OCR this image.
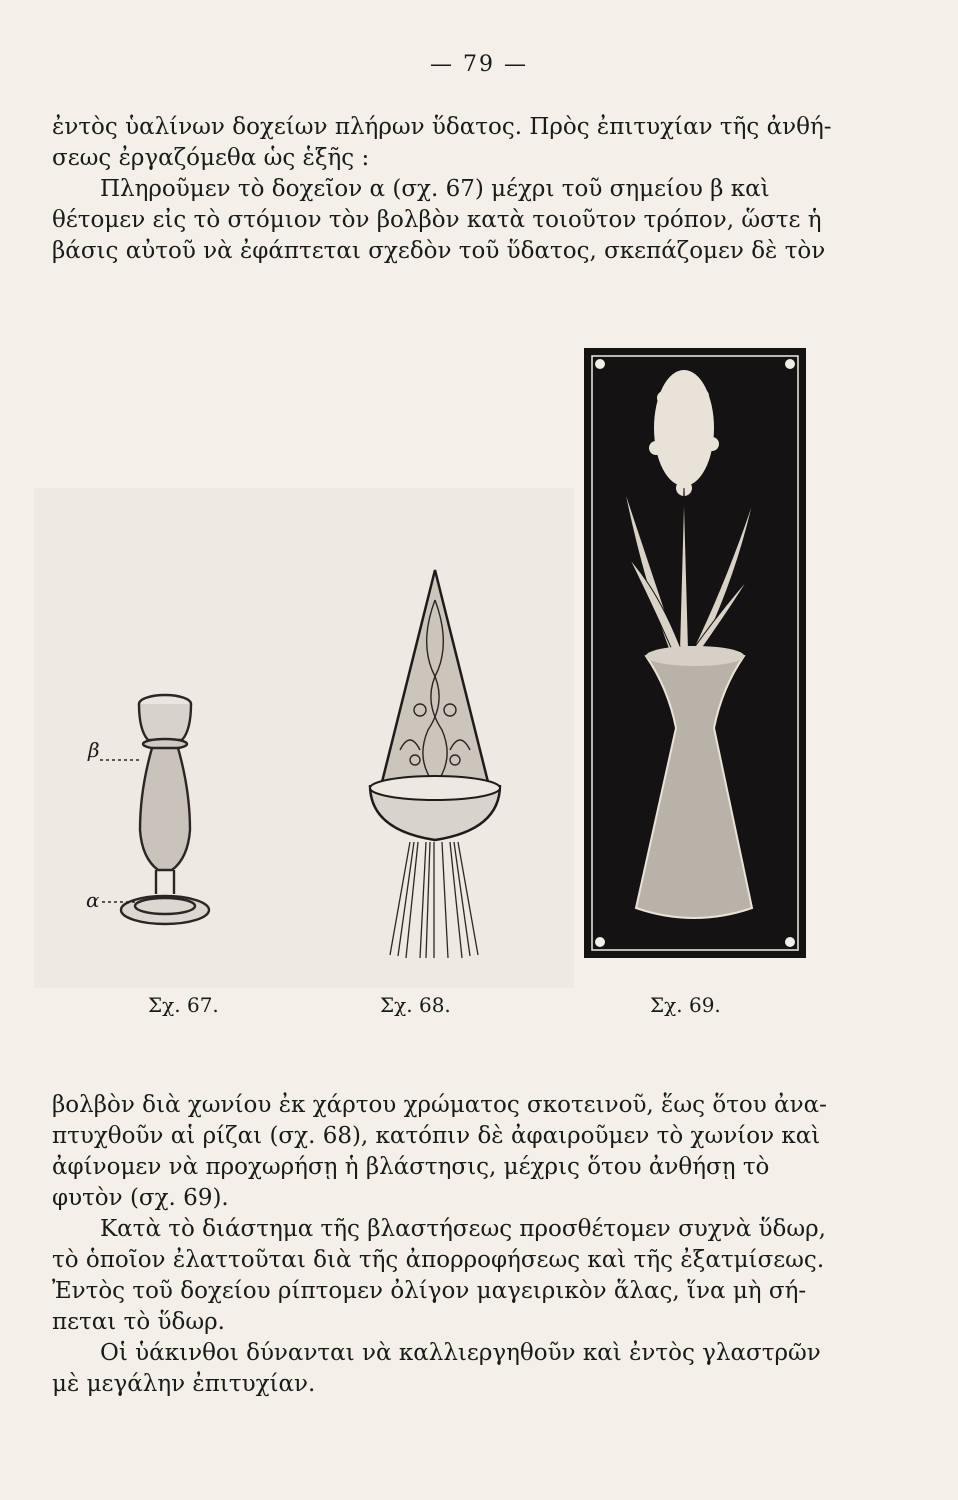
— 79 —
ἐντὸς ὑαλίνων δοχείων πλήρων ὕδατος. Πρὸς ἐπιτυχίαν τῆς ἀνθή-
σεως ἐργαζόμεθα ὡς ἑξῆς :
Πληροῦμεν τὸ δοχεῖον α (σχ. 67) μέχρι τοῦ σημείου β καὶ
θέτομεν εἰς τὸ στόμιον τὸν βολβὸν κατὰ τοιοῦτον τρόπον, ὥστε ἡ
βάσις αὐτοῦ νὰ ἐφάπτεται σχεδὸν τοῦ ὕδατος, σκεπάζομεν δὲ τὸν
β
α
Σχ. 67.	Σχ. 68.	Σχ. 69.
βολβὸν διὰ χωνίου ἐκ χάρτου χρώματος σκοτεινοῦ, ἕως ὅτου ἀνα-
πτυχθοῦν αἱ ρίζαι (σχ. 68), κατόπιν δὲ ἀφαιροῦμεν τὸ χωνίον καὶ
ἀφίνομεν νὰ προχωρήσῃ ἡ βλάστησις, μέχρις ὅτου ἀνθήσῃ τὸ
φυτὸν (σχ. 69).
Κατὰ τὸ διάστημα τῆς βλαστήσεως προσθέτομεν συχνὰ ὕδωρ,
τὸ ὁποῖον ἐλαττοῦται διὰ τῆς ἀπορροφήσεως καὶ τῆς ἐξατμίσεως.
Ἐντὸς τοῦ δοχείου ρίπτομεν ὀλίγον μαγειρικὸν ἅλας, ἵνα μὴ σή-
πεται τὸ ὕδωρ.
Οἱ ὑάκινθοι δύνανται νὰ καλλιεργηθοῦν καὶ ἐντὸς γλαστρῶν
μὲ μεγάλην ἐπιτυχίαν.
